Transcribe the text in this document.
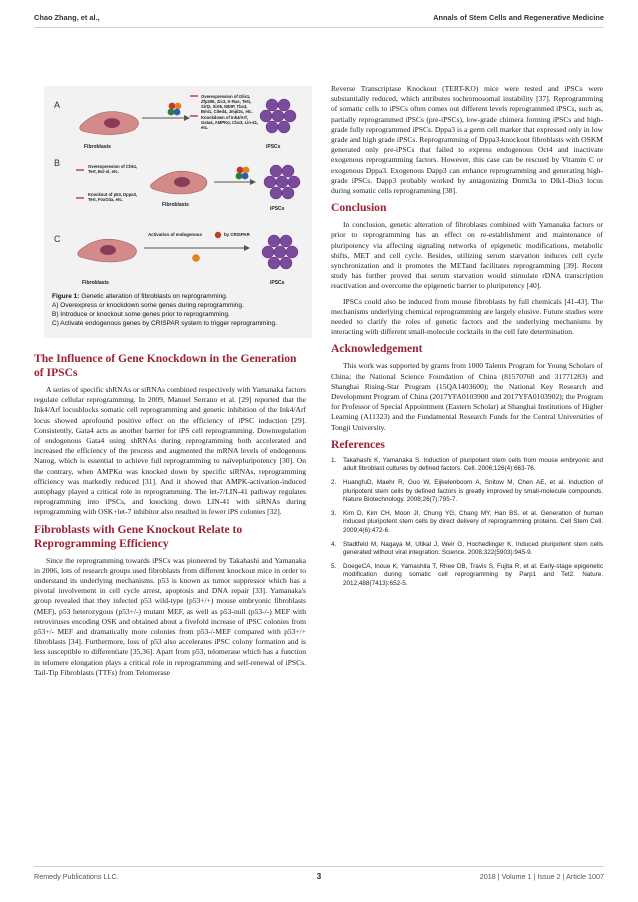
Chao Zhang, et al.,	Annals of Stem Cells and Regenerative Medicine
A
B
C
Overexpression of Glis1,
Zfp296, Zic3, K-Ras, Tet1,
Sirt2, Sirt6, MDIP, Tbx3,
Bmi1, Cited4, Jmjd2c, etc.
Knockdown of Ink4/Arf,
Gata4, AMPKα, Cbx3, Lin-41,
etc.
Fibroblasts	iPSCs
Overexpression of Chk1,
Tert, Bcl-xl, etc.
Knockout of p53, Dppa3,
Tert, FoxO3a, etc.
Fibroblasts
iPSCs
Fibroblasts
Activation of endogenous	by CRISPAR
iPSCs
Figure 1: Genetic alteration of fibroblasts on reprogramming.
A) Overexpress or knockdown some genes during reprogramming.
B) Introduce or knockout some genes prior to reprogramming.
C) Activate endogenous genes by CRISPAR system to trigger reprogramming.
The Influence of Gene Knockdown in the Generation of IPSCs

A series of specific shRNAs or siRNAs combined respectively with Yamanaka factors regulate cellular reprogramming. In 2009, Manuel Serrano et al. [29] reported that the Ink4/Arf locusblocks somatic cell reprogramming and genetic inhibition of the Ink4/Arf locus showed aprofound positive effect on the efficiency of iPSC induction [29]. Consistently, Gata4 acts as another barrier for iPS cell reprogramming. Downregulation of endogenous Gata4 using shRNAs during reprogramming both accelerated and increased the efficiency of the process and augmented the mRNA levels of endogenous Nanog, which is essential to achieve full reprogramming to naïvepluripotency [30]. On the contrary, when AMPKα was knocked down by specific siRNAs, reprogramming efficiency was markedly reduced [31]. And it showed that AMPK-activation-induced autophagy played a critical role in reprogramming. The let-7/LIN-41 pathway regulates reprogramming into iPSCs, and knocking down LIN-41 with siRNAs during reprogramming with OSK+let-7 inhibitor also resulted in fewer iPS colonies [32].

Fibroblasts with Gene Knockout Relate to Reprogramming Efficiency

Since the reprogramming towards iPSCs was pioneered by Takahashi and Yamanaka in 2006, lots of research groups used fibroblasts from different knockout mice in order to understand its underlying mechanisms. p53 is known as tumor suppressor which has a pivotal involvement in cell cycle arrest, apoptosis and DNA repair [33]. Yamanaka's group revealed that they infected p53 wild-type (p53+/+) mouse embryonic fibroblasts (MEF), p53 heterozygous (p53+/-) mutant MEF, as well as p53-null (p53-/-) MEF with retroviruses encoding OSK and obtained about a fivefold increase of iPSC colonies from p53+/- MEF and dramatically more colonies from p53-/-MEF compared with p53+/+ fibroblasts [34]. Furthermore, loss of p53 also accelerates iPSC colony formation and is less susceptible to differentiate [35,36]. Apart from p53, telomerase which has a function in telomere elongation plays a critical role in reprogramming and self-renewal of iPSCs. Tail-Tip Fibroblasts (TTFs) from Telomerase

Reverse Transcriptase Knockout (TERT-KO) mice were tested and iPSCs were substantially reduced, which attributes tochromosomal instability [37]. Reprogramming of somatic cells to iPSCs often comes out different levels reprogrammed iPSCs, such as, partially reprogrammed iPSCs (pre-iPSCs), low-grade chimera forming iPSCs and high-grade fully reprogrammed iPSCs. Dppa3 is a germ cell marker that expressed only in low grade and high grade iPSCs. Reprogramming of Dppa3-knockout fibroblasts with OSKM generated only pre-iPSCs that failed to express endogenous Oct4 and inactivate exogenous reprogramming factors. However, this case can be rescued by Vitamin C or exogenous Dppa3. Exogenous Dapp3 can enhance reprogramming and generating high-grade iPSCs. Dapp3 probably worked by antagonizing Dnmt3a to Dlk1-Dio3 locus during somatic cells reprogramming [38].

Conclusion

In conclusion, genetic alteration of fibroblasts combined with Yamanaka factors or prior to reprogramming has an effect on re-establishment and maintenance of pluripotency via affecting signaling networks of epigenetic modifications, metabolic shifts, MET and cell cycle. Besides, utilizing serum starvation induces cell cycle synchronization and it promotes the METand facilitates reprogramming [39]. Recent study has further proved that serum starvation would stimulate rDNA transcription reactivation and overcome the epigenetic barrier to pluripotency [40].

IPSCs could also be induced from mouse fibroblasts by full chemicals [41-43]. The mechanisms underlying chemical reprogramming are largely elusive. Future studies were needed to clarify the roles of genetic factors and the underlying mechanisms by interacting with different small-molecule cocktails in the cell fate determination.

Acknowledgement

This work was supported by grants from 1000 Talents Program for Young Scholars of China; the National Science Foundation of China (81570760 and 31771283) and Shanghai Rising-Star Program (15QA1403600); the National Key Research and Development Program of China (2017YFA0103900 and 2017YFA0103902); the Program for Professor of Special Appointment (Eastern Scholar) at Shanghai Institutions of Higher Learning (A11323) and the Fundamental Research Funds for the Central Universities of Tongji University.

References
1.	Takahashi K, Yamanaka S. Induction of pluripotent stem cells from mouse embryonic and adult fibroblast cultures by defined factors. Cell. 2006;126(4):663-76.
2.	HuangfuD, Maehr R, Guo W, Eijkelenboom A, Snitow M, Chen AE, et al. Induction of pluripotent stem cells by defined factors is greatly improved by small-molecule compounds. Nature Biotechnology. 2008;26(7):795-7.
3.	Kim D, Kim CH, Moon JI, Chung YG, Chang MY, Han BS, et al. Generation of human induced pluripotent stem cells by direct delivery of reprogramming proteins. Cell Stem Cell. 2009;4(6):472-6.
4.	Stadtfeld M, Nagaya M, Utikal J, Weir G, Hochedlinger K. Induced pluripotent stem cells generated without viral integration. Science. 2008;322(5903):945-9.
5.	DoegeCA, Inoue K, Yamashita T, Rhee DB, Travis S, Fujita R, et al. Early-stage epigenetic modification during somatic cell reprogramming by Parp1 and Tet2. Nature. 2012;488(7413):652-5.
Remedy Publications LLC.	3	2018 | Volume 1 | Issue 2 | Article 1007
